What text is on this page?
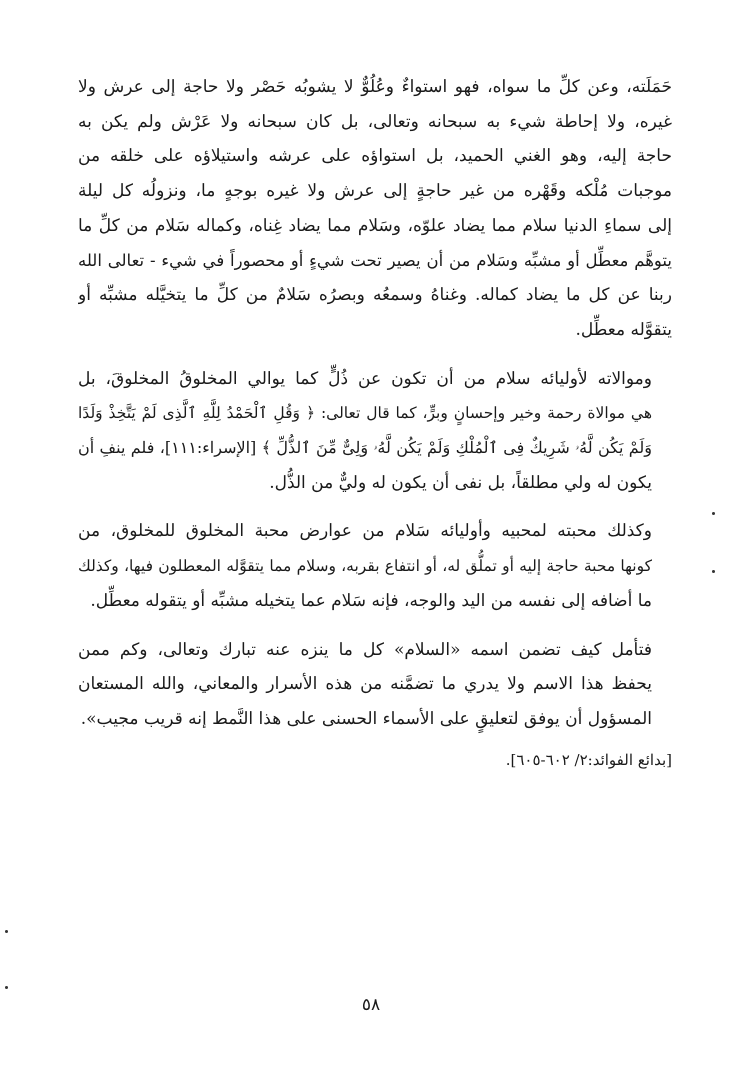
حَمَلَته، وعن كلِّ ما سواه، فهو استواءٌ وعُلُوٌّ لا يشوبُه حَصْر ولا حاجة إلى عرش ولا
غيره، ولا إحاطة شيء به سبحانه وتعالى، بل كان سبحانه ولا عَرْش ولم يكن به
حاجة إليه، وهو الغني الحميد، بل استواؤه على عرشه واستيلاؤه على خلقه من
موجبات مُلْكه وقَهْره من غير حاجةٍ إلى عرش ولا غيره بوجهٍ ما، ونزولُه كل ليلة
إلى سماءِ الدنيا سلام مما يضاد علوّه، وسَلام مما يضاد غِناه، وكماله سَلام من كلِّ ما
يتوهَّم معطِّل أو مشبِّه وسَلام من أن يصير تحت شيءٍ أو محصوراً في شيء - تعالى الله
ربنا عن كل ما يضاد كماله. وغناهُ وسمعُه وبصرُه سَلامٌ من كلِّ ما يتخيَّله مشبِّه أو
يتقوَّله معطِّل.
وموالاته لأوليائه سلام من أن تكون عن ذُلٍّ كما يوالي المخلوقُ المخلوقَ، بل
هي موالاة رحمة وخير وإحسانٍ وبرٍّ، كما قال تعالى: ﴿ وَقُلِ ٱلْحَمْدُ لِلَّهِ ٱلَّذِى لَمْ يَتَّخِذْ وَلَدًا
وَلَمْ يَكُن لَّهُۥ شَرِيكٌ فِى ٱلْمُلْكِ وَلَمْ يَكُن لَّهُۥ وَلِىٌّ مِّنَ ٱلذُّلِّ ﴾ [الإسراء:١١١]، فلم ينفِ أن
يكون له ولي مطلقاً، بل نفى أن يكون له وليٌّ من الذُّل.
وكذلك محبته لمحبيه وأوليائه سَلام من عوارض محبة المخلوق للمخلوق، من
كونها محبة حاجة إليه أو تملُّق له، أو انتفاع بقربه، وسلام مما يتقوَّله المعطلون فيها، وكذلك
ما أضافه إلى نفسه من اليد والوجه، فإنه سَلام عما يتخيله مشبِّه أو يتقوله معطِّل.
فتأمل كيف تضمن اسمه «السلام» كل ما ينزه عنه تبارك وتعالى، وكم ممن
يحفظ هذا الاسم ولا يدري ما تضمَّنه من هذه الأسرار والمعاني، والله المستعان
المسؤول أن يوفق لتعليقٍ على الأسماء الحسنى على هذا النَّمط إنه قريب مجيب».
[بدائع الفوائد:٢/ ٦٠٢-٦٠٥].
٥٨
